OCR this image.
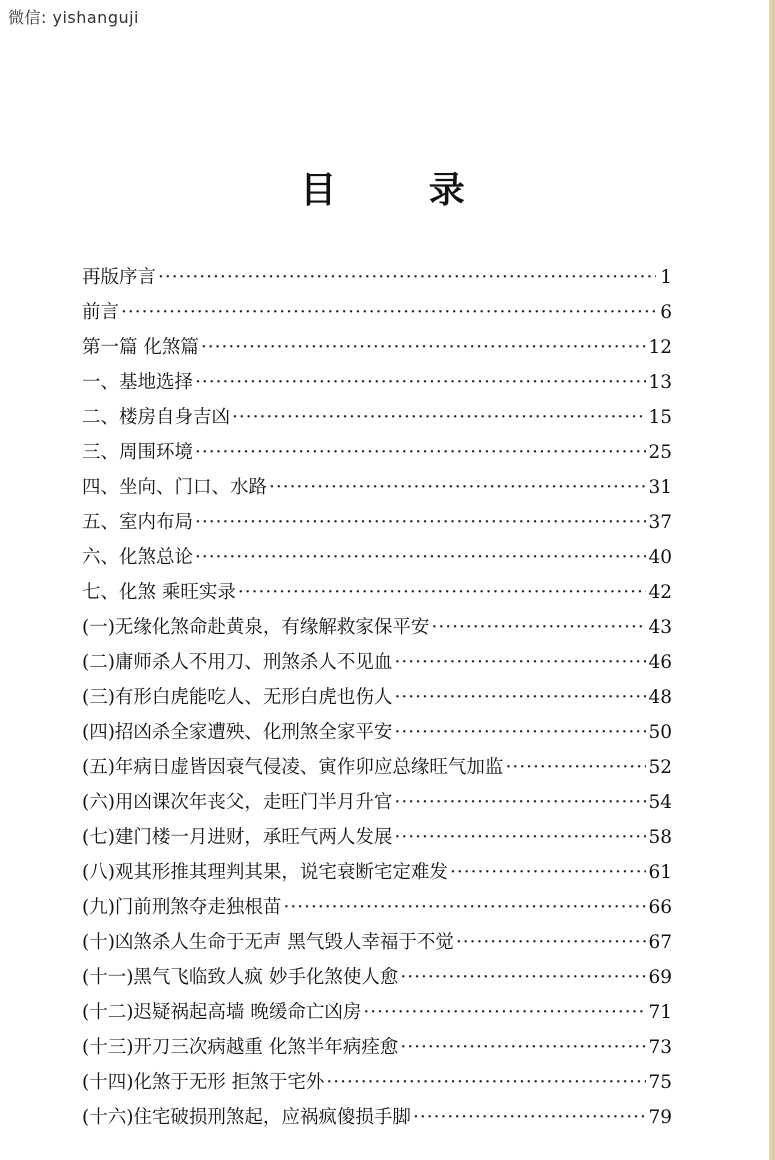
微信: yishanguji
目 录
再版序言 ·····	1
前言 ·····	6
第一篇 化煞篇 ·····	12
一、基地选择 ·····	13
二、楼房自身吉凶 ·····	15
三、周围环境 ·····	25
四、坐向、门口、水路 ·····	31
五、室内布局 ·····	37
六、化煞总论 ·····	40
七、化煞 乘旺实录 ·····	42
(一)无缘化煞命赴黄泉，有缘解救家保平安 ·····	43
(二)庸师杀人不用刀、刑煞杀人不见血 ·····	46
(三)有形白虎能吃人、无形白虎也伤人 ·····	48
(四)招凶杀全家遭殃、化刑煞全家平安 ·····	50
(五)年病日虚皆因衰气侵凌、寅作卯应总缘旺气加监 ·····	52
(六)用凶课次年丧父，走旺门半月升官 ·····	54
(七)建门楼一月进财，承旺气两人发展 ·····	58
(八)观其形推其理判其果，说宅衰断宅定难发 ·····	61
(九)门前刑煞夺走独根苗 ·····	66
(十)凶煞杀人生命于无声 黑气毁人幸福于不觉 ·····	67
(十一)黑气飞临致人疯 妙手化煞使人愈 ·····	69
(十二)迟疑祸起高墙 晚缓命亡凶房 ·····	71
(十三)开刀三次病越重 化煞半年病痊愈 ·····	73
(十四)化煞于无形 拒煞于宅外 ·····	75
(十六)住宅破损刑煞起，应祸疯傻损手脚 ·····	79
